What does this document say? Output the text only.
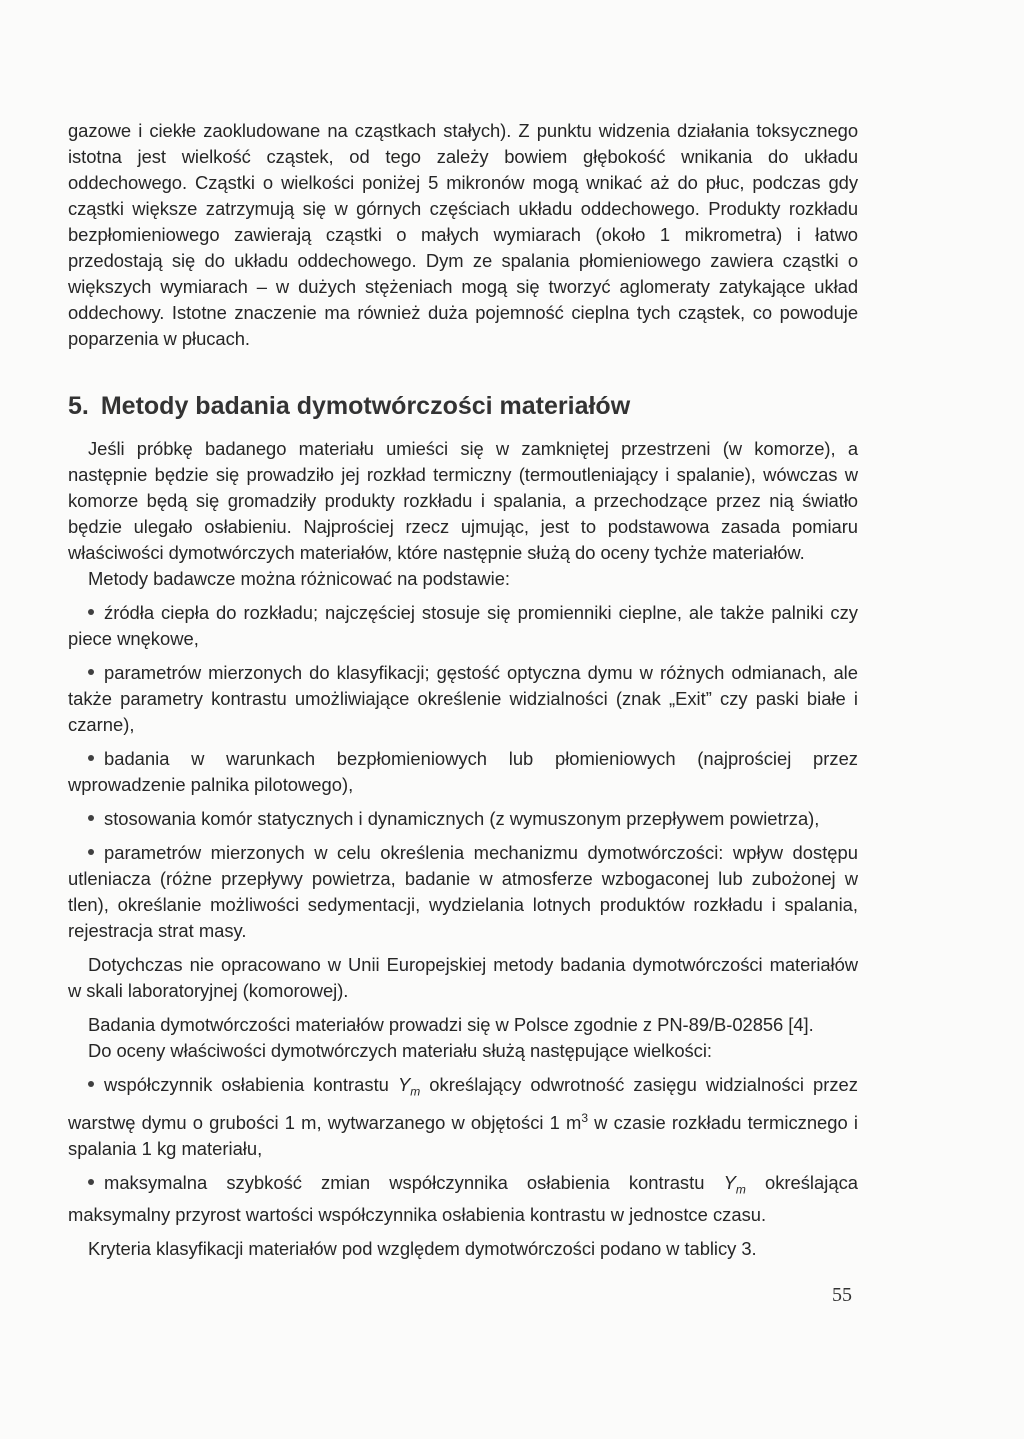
gazowe i ciekłe zaokludowane na cząstkach stałych). Z punktu widzenia działania toksycznego istotna jest wielkość cząstek, od tego zależy bowiem głębokość wnikania do układu oddechowego. Cząstki o wielkości poniżej 5 mikronów mogą wnikać aż do płuc, podczas gdy cząstki większe zatrzymują się w górnych częściach układu oddechowego. Produkty rozkładu bezpłomieniowego zawierają cząstki o małych wymiarach (około 1 mikrometra) i łatwo przedostają się do układu oddechowego. Dym ze spalania płomieniowego zawiera cząstki o większych wymiarach – w dużych stężeniach mogą się tworzyć aglomeraty zatykające układ oddechowy. Istotne znaczenie ma również duża pojemność cieplna tych cząstek, co powoduje poparzenia w płucach.

5. Metody badania dymotwórczości materiałów

Jeśli próbkę badanego materiału umieści się w zamkniętej przestrzeni (w komorze), a następnie będzie się prowadziło jej rozkład termiczny (termoutleniający i spalanie), wówczas w komorze będą się gromadziły produkty rozkładu i spalania, a przechodzące przez nią światło będzie ulegało osłabieniu. Najprościej rzecz ujmując, jest to podstawowa zasada pomiaru właściwości dymotwórczych materiałów, które następnie służą do oceny tychże materiałów.

Metody badawcze można różnicować na podstawie:

źródła ciepła do rozkładu; najczęściej stosuje się promienniki cieplne, ale także palniki czy piece wnękowe,

parametrów mierzonych do klasyfikacji; gęstość optyczna dymu w różnych odmianach, ale także parametry kontrastu umożliwiające określenie widzialności (znak „Exit” czy paski białe i czarne),

badania w warunkach bezpłomieniowych lub płomieniowych (najprościej przez wprowadzenie palnika pilotowego),

stosowania komór statycznych i dynamicznych (z wymuszonym przepływem powietrza),

parametrów mierzonych w celu określenia mechanizmu dymotwórczości: wpływ dostępu utleniacza (różne przepływy powietrza, badanie w atmosferze wzbogaconej lub zubożonej w tlen), określanie możliwości sedymentacji, wydzielania lotnych produktów rozkładu i spalania, rejestracja strat masy.

Dotychczas nie opracowano w Unii Europejskiej metody badania dymotwórczości materiałów w skali laboratoryjnej (komorowej).

Badania dymotwórczości materiałów prowadzi się w Polsce zgodnie z PN-89/B-02856 [4].

Do oceny właściwości dymotwórczych materiału służą następujące wielkości:

współczynnik osłabienia kontrastu $Y_m$ określający odwrotność zasięgu widzialności przez warstwę dymu o grubości 1 m, wytwarzanego w objętości 1 $m^3$ w czasie rozkładu termicznego i spalania 1 kg materiału,

maksymalna szybkość zmian współczynnika osłabienia kontrastu $Y_m$ określająca maksymalny przyrost wartości współczynnika osłabienia kontrastu w jednostce czasu.

Kryteria klasyfikacji materiałów pod względem dymotwórczości podano w tablicy 3.

55
